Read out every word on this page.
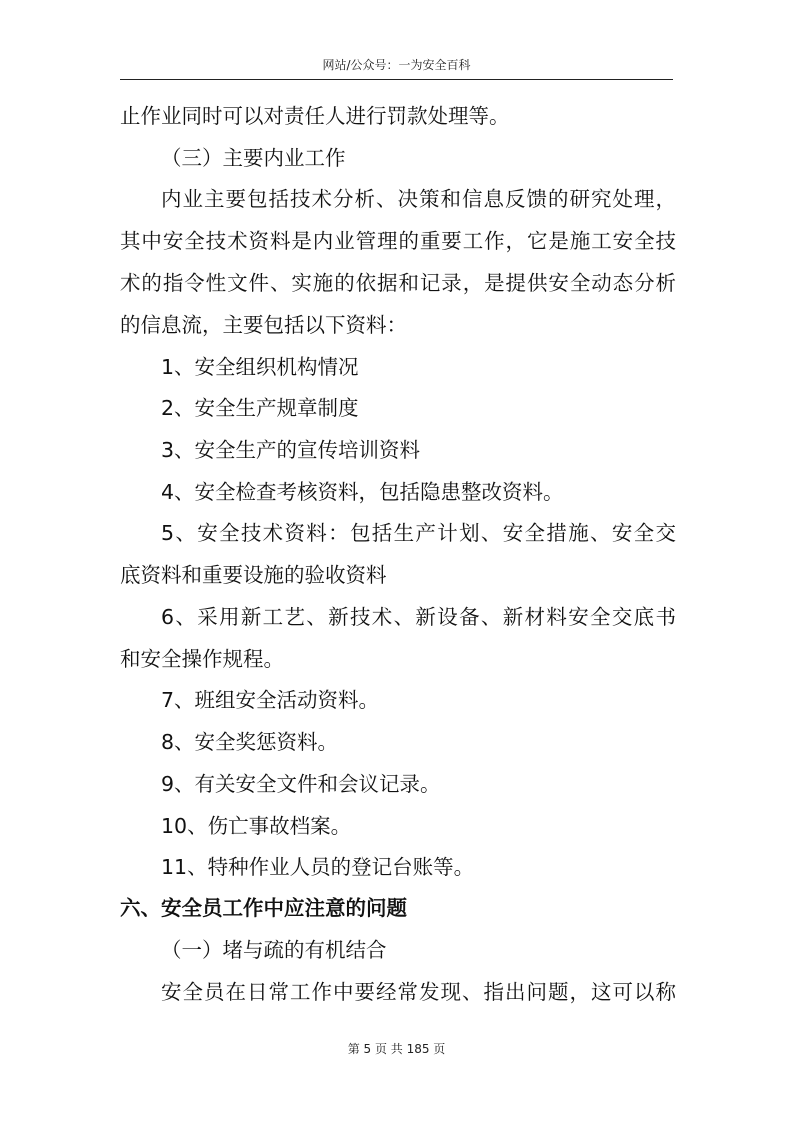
网站/公众号：一为安全百科
止作业同时可以对责任人进行罚款处理等。
（三）主要内业工作
内业主要包括技术分析、决策和信息反馈的研究处理，
其中安全技术资料是内业管理的重要工作，它是施工安全技
术的指令性文件、实施的依据和记录，是提供安全动态分析
的信息流，主要包括以下资料：
1、安全组织机构情况
2、安全生产规章制度
3、安全生产的宣传培训资料
4、安全检查考核资料，包括隐患整改资料。
5、安全技术资料：包括生产计划、安全措施、安全交
底资料和重要设施的验收资料
6、采用新工艺、新技术、新设备、新材料安全交底书
和安全操作规程。
7、班组安全活动资料。
8、安全奖惩资料。
9、有关安全文件和会议记录。
10、伤亡事故档案。
11、特种作业人员的登记台账等。
六、安全员工作中应注意的问题
（一）堵与疏的有机结合
安全员在日常工作中要经常发现、指出问题，这可以称
第 5 页 共 185 页
